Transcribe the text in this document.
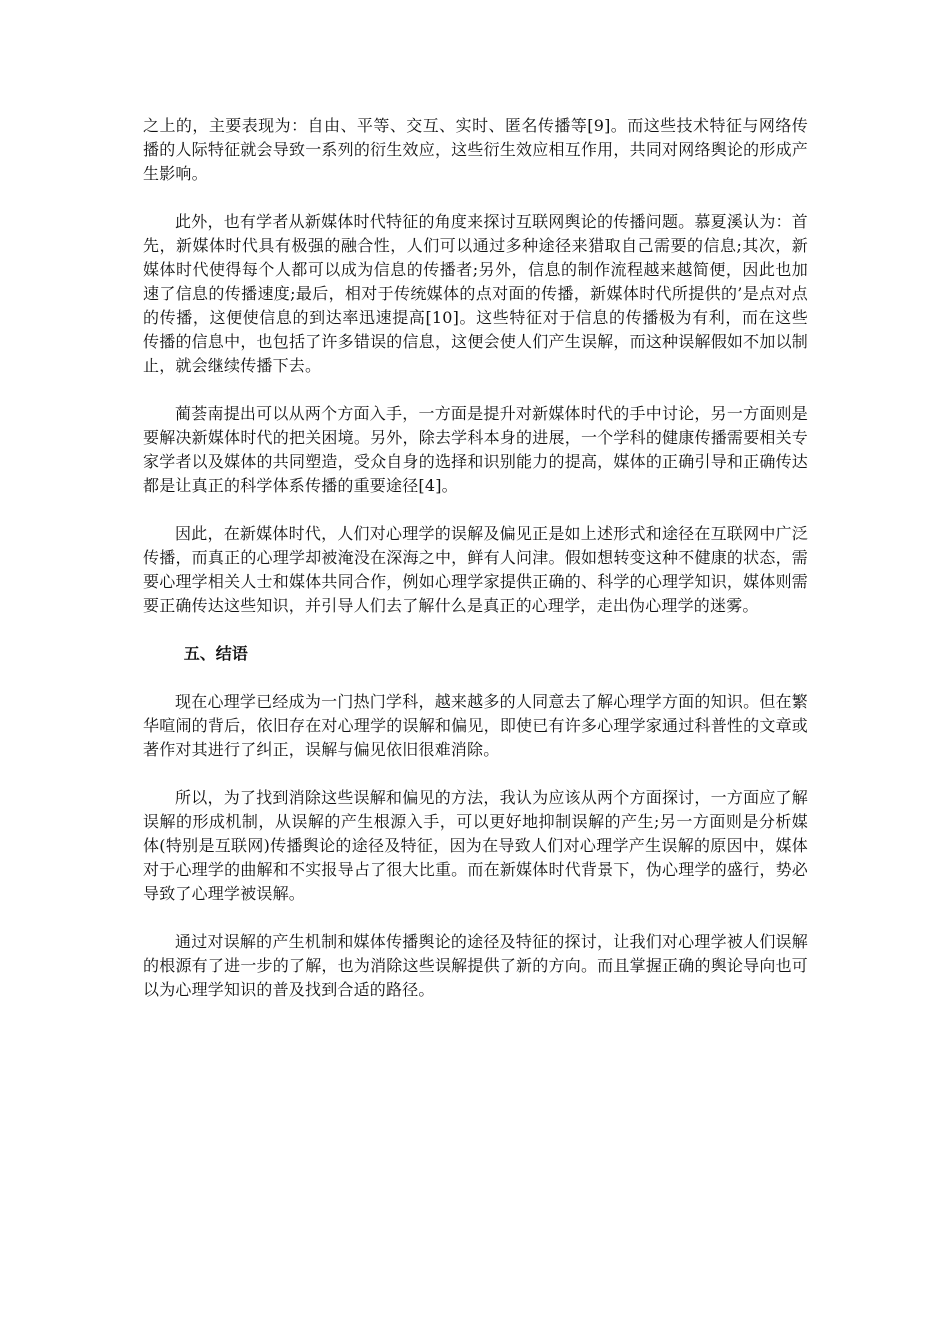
之上的，主要表现为：自由、平等、交互、实时、匿名传播等[9]。而这些技术特征与网络传播的人际特征就会导致一系列的衍生效应，这些衍生效应相互作用，共同对网络舆论的形成产生影响。

此外，也有学者从新媒体时代特征的角度来探讨互联网舆论的传播问题。慕夏溪认为：首先，新媒体时代具有极强的融合性，人们可以通过多种途径来猎取自己需要的信息;其次，新媒体时代使得每个人都可以成为信息的传播者;另外，信息的制作流程越来越简便，因此也加速了信息的传播速度;最后，相对于传统媒体的点对面的传播，新媒体时代所提供的’是点对点的传播，这便使信息的到达率迅速提高[10]。这些特征对于信息的传播极为有利，而在这些传播的信息中，也包括了许多错误的信息，这便会使人们产生误解，而这种误解假如不加以制止，就会继续传播下去。

蔺荟南提出可以从两个方面入手，一方面是提升对新媒体时代的手中讨论，另一方面则是要解决新媒体时代的把关困境。另外，除去学科本身的进展，一个学科的健康传播需要相关专家学者以及媒体的共同塑造，受众自身的选择和识别能力的提高，媒体的正确引导和正确传达都是让真正的科学体系传播的重要途径[4]。

因此，在新媒体时代，人们对心理学的误解及偏见正是如上述形式和途径在互联网中广泛传播，而真正的心理学却被淹没在深海之中，鲜有人问津。假如想转变这种不健康的状态，需要心理学相关人士和媒体共同合作，例如心理学家提供正确的、科学的心理学知识，媒体则需要正确传达这些知识，并引导人们去了解什么是真正的心理学，走出伪心理学的迷雾。

五、结语

现在心理学已经成为一门热门学科，越来越多的人同意去了解心理学方面的知识。但在繁华喧闹的背后，依旧存在对心理学的误解和偏见，即使已有许多心理学家通过科普性的文章或著作对其进行了纠正，误解与偏见依旧很难消除。

所以，为了找到消除这些误解和偏见的方法，我认为应该从两个方面探讨，一方面应了解误解的形成机制，从误解的产生根源入手，可以更好地抑制误解的产生;另一方面则是分析媒体(特别是互联网)传播舆论的途径及特征，因为在导致人们对心理学产生误解的原因中，媒体对于心理学的曲解和不实报导占了很大比重。而在新媒体时代背景下，伪心理学的盛行，势必导致了心理学被误解。

通过对误解的产生机制和媒体传播舆论的途径及特征的探讨，让我们对心理学被人们误解的根源有了进一步的了解，也为消除这些误解提供了新的方向。而且掌握正确的舆论导向也可以为心理学知识的普及找到合适的路径。
